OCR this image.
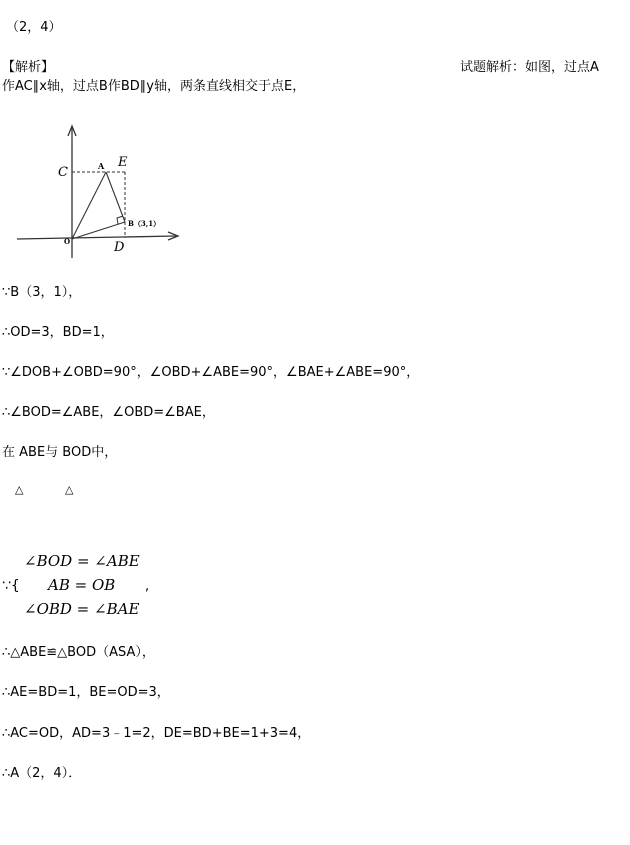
（2，4）
【解析】	试题解析：如图，过点A
作AC∥x轴，过点B作BD∥y轴，两条直线相交于点E，
C	A E
B（3,1）
O	D
∵B（3，1），
∴OD=3，BD=1，
∵∠DOB+∠OBD=90°，∠OBD+∠ABE=90°，∠BAE+∠ABE=90°，
∴∠BOD=∠ABE，∠OBD=∠BAE，
在 ABE与 BOD中，
△	△
∠BOD = ∠ABE
∵{ AB = OB ,
∠OBD = ∠BAE
∴△ABE≌△BOD（ASA），
∴AE=BD=1，BE=OD=3，
∴AC=OD，AD=3﹣1=2，DE=BD+BE=1+3=4，
∴A（2，4）．
